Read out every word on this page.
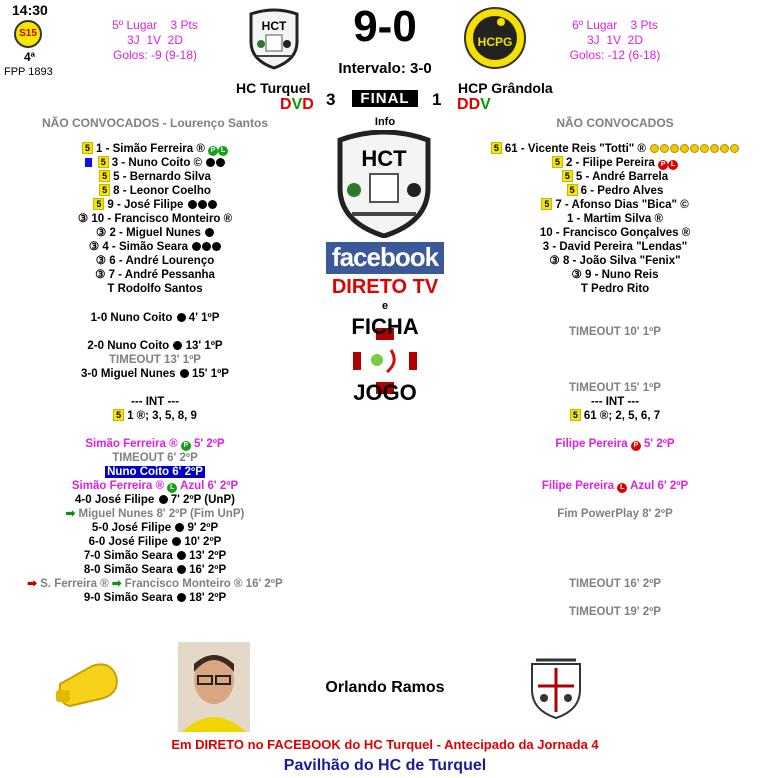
14:30
S15
4ª
FPP 1893
5º Lugar    3 Pts
3J  1V  2D
Golos: -9 (9-18)
HCT	9-0
Intervalo: 3-0
HCPG
6º Lugar    3 Pts
3J  1V  2D
Golos: -12 (6-18)
HC Turquel
DVD 3	FINAL	1
HCP Grândola
DDV
NÃO CONVOCADOS - Lourenço Santos	NÃO CONVOCADOS
Info
HCT
facebook
DIRETO TV
e
FICHA
JOGO
5 1 - Simão Ferreira ® P L
5 3 - Nuno Coito ©
5 5 - Bernardo Silva
5 8 - Leonor Coelho
5 9 - José Filipe
③ 10 - Francisco Monteiro ®
③ 2 - Miguel Nunes
③ 4 - Simão Seara
③ 6 - André Lourenço
③ 7 - André Pessanha
T Rodolfo Santos
5 61 - Vicente Reis "Totti" ®
5 2 - Filipe Pereira P L
5 5 - André Barrela
5 6 - Pedro Alves
5 7 - Afonso Dias "Bica" ©
1 - Martim Silva ®
10 - Francisco Gonçalves ®
3 - David Pereira "Lendas"
③ 8 - João Silva "Fenix"
③ 9 - Nuno Reis
T Pedro Rito
1-0 Nuno Coito 4' 1ºP
2-0 Nuno Coito 13' 1ºP
TIMEOUT 13' 1ºP
3-0 Miguel Nunes 15' 1ºP
--- INT ---
5 1 ®; 3, 5, 8, 9
Simão Ferreira ® P 5' 2ºP
TIMEOUT 6' 2ºP
Nuno Coito 6' 2ºP
Simão Ferreira ® L Azul 6' 2ºP
4-0 José Filipe 7' 2ºP (UnP)
➡ Miguel Nunes 8' 2ºP (Fim UnP)
5-0 José Filipe 9' 2ºP
6-0 José Filipe 10' 2ºP
7-0 Simão Seara 13' 2ºP
8-0 Simão Seara 16' 2ºP
➡ S. Ferreira ® ➡ Francisco Monteiro ® 16' 2ºP
9-0 Simão Seara 18' 2ºP
TIMEOUT 10' 1ºP
TIMEOUT 15' 1ºP
--- INT ---
5 61 ®; 2, 5, 6, 7
Filipe Pereira P 5' 2ºP
Filipe Pereira L Azul 6' 2ºP
Fim PowerPlay 8' 2ºP
TIMEOUT 16' 2ºP
TIMEOUT 19' 2ºP
Orlando Ramos
Em DIRETO no FACEBOOK do HC Turquel - Antecipado da Jornada 4
Pavilhão do HC de Turquel
